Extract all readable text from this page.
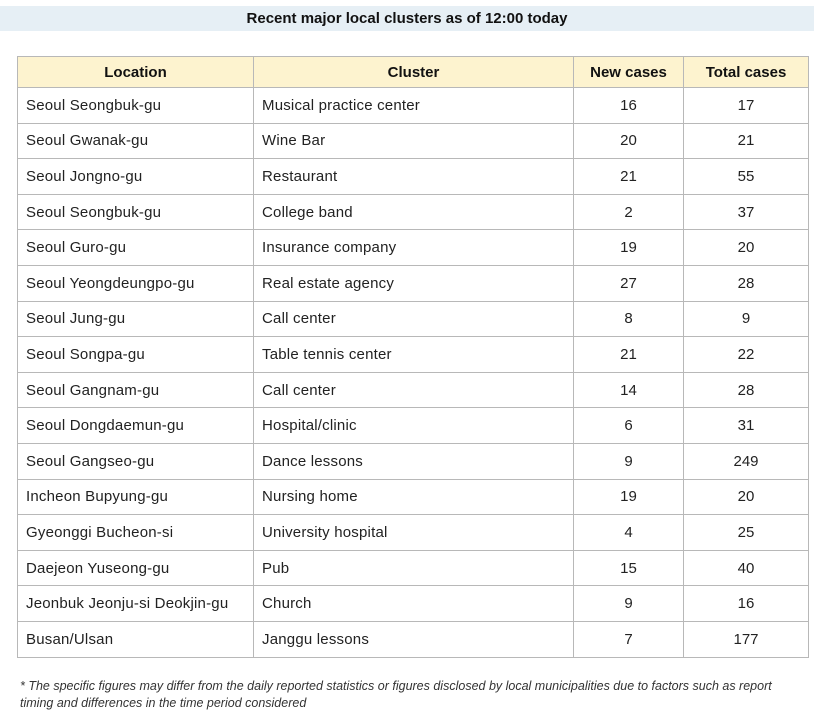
Recent major local clusters as of 12:00 today
Location	Cluster	New cases	Total cases
Seoul Seongbuk-gu	Musical practice center	16	17
Seoul Gwanak-gu	Wine Bar	20	21
Seoul Jongno-gu	Restaurant	21	55
Seoul Seongbuk-gu	College band	2	37
Seoul Guro-gu	Insurance company	19	20
Seoul Yeongdeungpo-gu	Real estate agency	27	28
Seoul Jung-gu	Call center	8	9
Seoul Songpa-gu	Table tennis center	21	22
Seoul Gangnam-gu	Call center	14	28
Seoul Dongdaemun-gu	Hospital/clinic	6	31
Seoul Gangseo-gu	Dance lessons	9	249
Incheon Bupyung-gu	Nursing home	19	20
Gyeonggi Bucheon-si	University hospital	4	25
Daejeon Yuseong-gu	Pub	15	40
Jeonbuk Jeonju-si Deokjin-gu	Church	9	16
Busan/Ulsan	Janggu lessons	7	177
* The specific figures may differ from the daily reported statistics or figures disclosed by local municipalities due to factors such as report timing and differences in the time period considered
